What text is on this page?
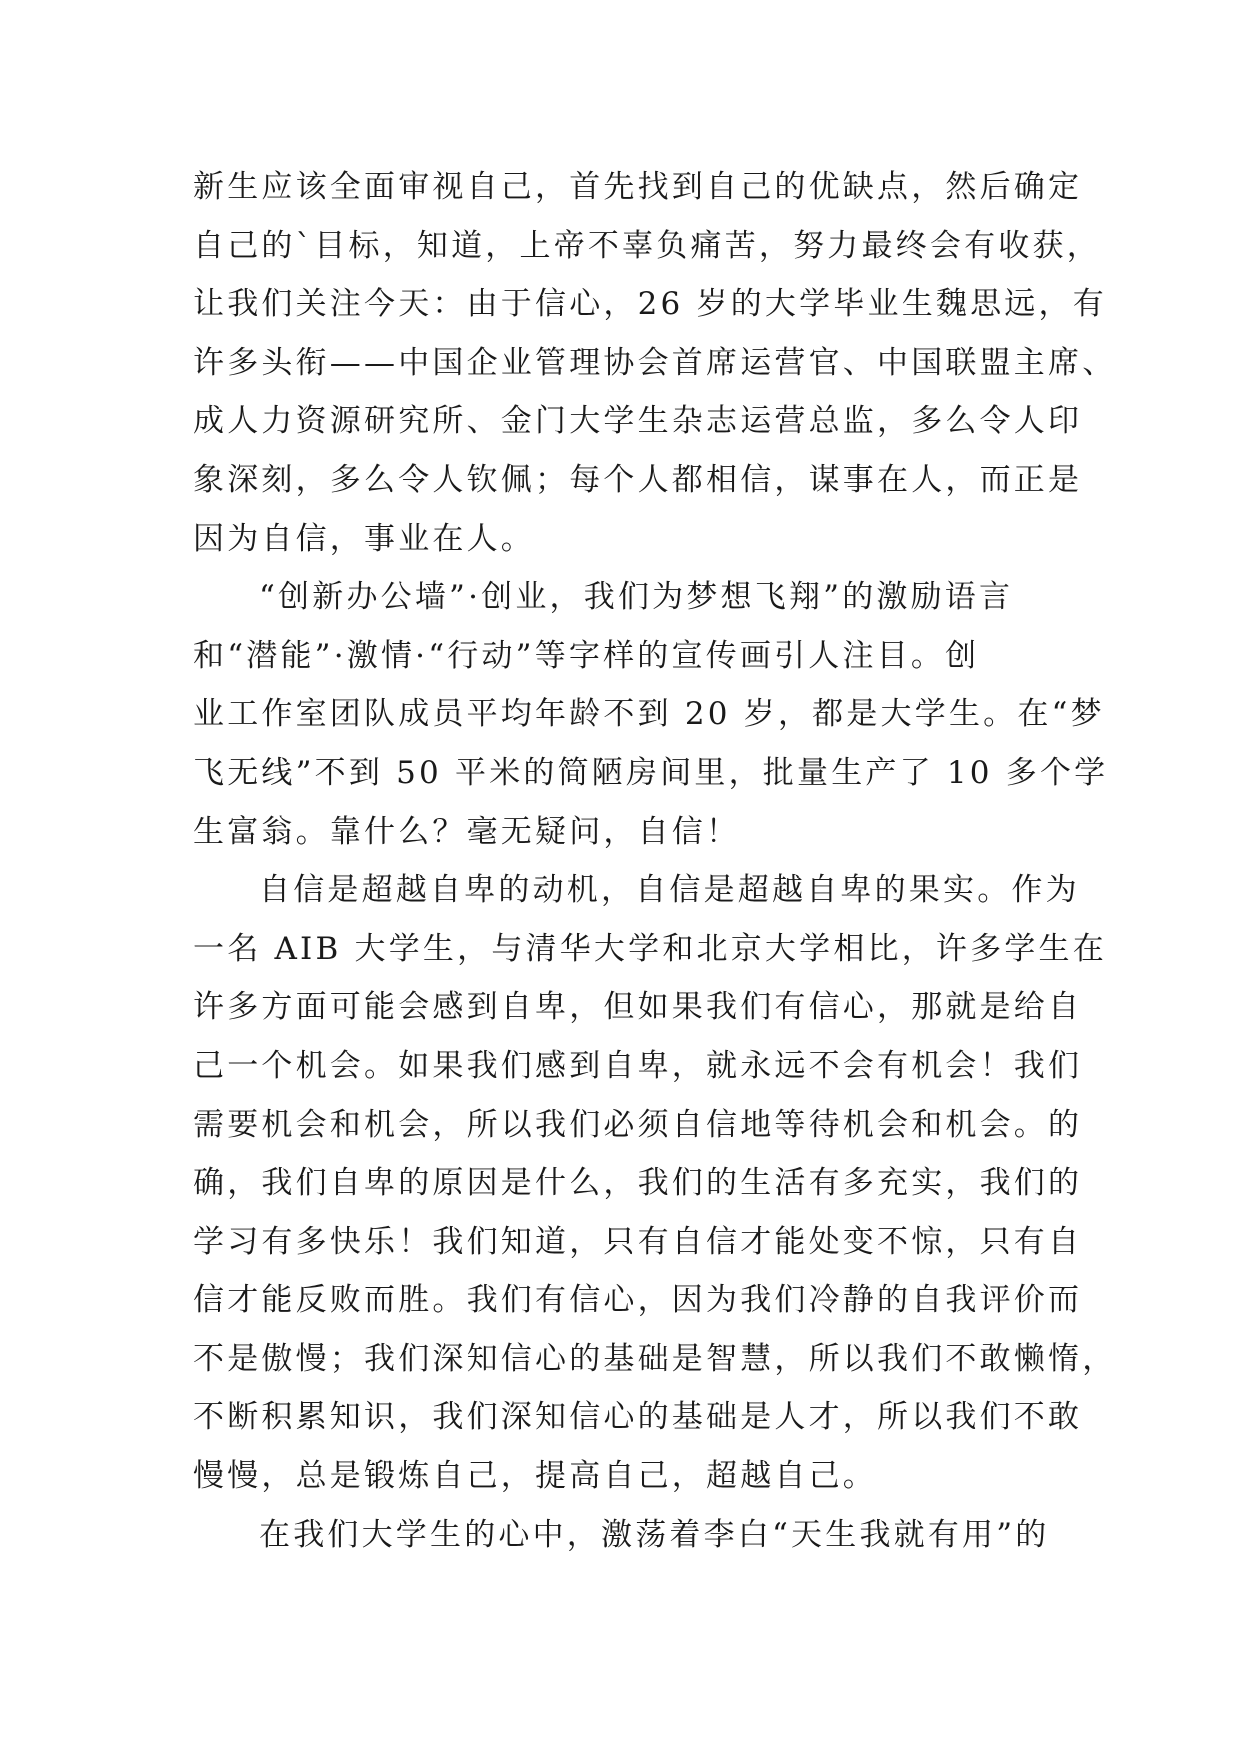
新生应该全面审视自己，首先找到自己的优缺点，然后确定
自己的`目标，知道，上帝不辜负痛苦，努力最终会有收获，
让我们关注今天：由于信心，26 岁的大学毕业生魏思远，有
许多头衔——中国企业管理协会首席运营官、中国联盟主席、
成人力资源研究所、金门大学生杂志运营总监，多么令人印
象深刻，多么令人钦佩；每个人都相信，谋事在人，而正是
因为自信，事业在人。
“创新办公墙”·创业，我们为梦想飞翔”的激励语言
和“潜能”·激情·“行动”等字样的宣传画引人注目。创
业工作室团队成员平均年龄不到 20 岁，都是大学生。在“梦
飞无线”不到 50 平米的简陋房间里，批量生产了 10 多个学
生富翁。靠什么？毫无疑问，自信！
自信是超越自卑的动机，自信是超越自卑的果实。作为
一名 AIB 大学生，与清华大学和北京大学相比，许多学生在
许多方面可能会感到自卑，但如果我们有信心，那就是给自
己一个机会。如果我们感到自卑，就永远不会有机会！我们
需要机会和机会，所以我们必须自信地等待机会和机会。的
确，我们自卑的原因是什么，我们的生活有多充实，我们的
学习有多快乐！我们知道，只有自信才能处变不惊，只有自
信才能反败而胜。我们有信心，因为我们冷静的自我评价而
不是傲慢；我们深知信心的基础是智慧，所以我们不敢懒惰，
不断积累知识，我们深知信心的基础是人才，所以我们不敢
慢慢，总是锻炼自己，提高自己，超越自己。
在我们大学生的心中，激荡着李白“天生我就有用”的
